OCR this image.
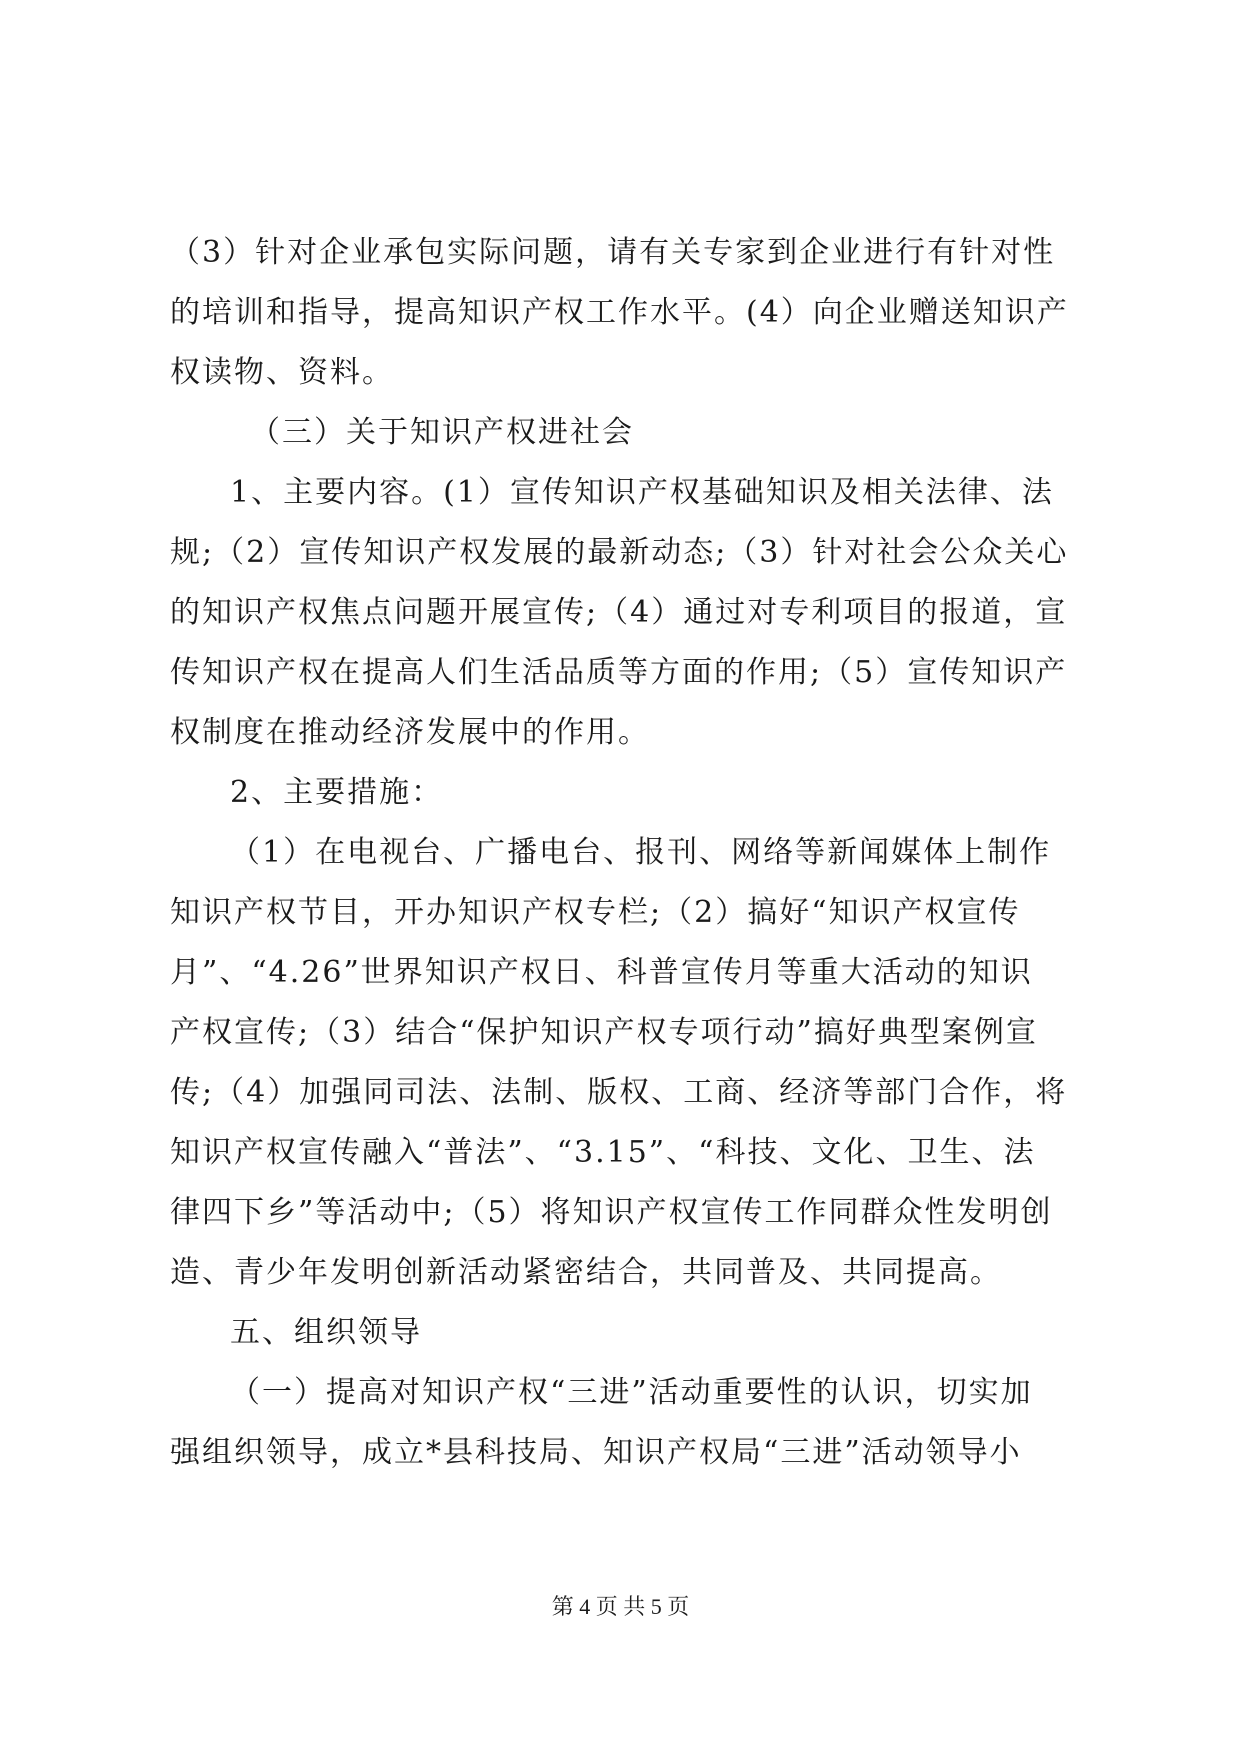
（3）针对企业承包实际问题，请有关专家到企业进行有针对性
的培训和指导，提高知识产权工作水平。(4）向企业赠送知识产
权读物、资料。
（三）关于知识产权进社会
1、主要内容。(1）宣传知识产权基础知识及相关法律、法
规;（2）宣传知识产权发展的最新动态;（3）针对社会公众关心
的知识产权焦点问题开展宣传;（4）通过对专利项目的报道，宣
传知识产权在提高人们生活品质等方面的作用;（5）宣传知识产
权制度在推动经济发展中的作用。
2、主要措施：
（1）在电视台、广播电台、报刊、网络等新闻媒体上制作
知识产权节目，开办知识产权专栏;（2）搞好“知识产权宣传
月”、“4.26”世界知识产权日、科普宣传月等重大活动的知识
产权宣传;（3）结合“保护知识产权专项行动”搞好典型案例宣
传;（4）加强同司法、法制、版权、工商、经济等部门合作，将
知识产权宣传融入“普法”、“3.15”、“科技、文化、卫生、法
律四下乡”等活动中;（5）将知识产权宣传工作同群众性发明创
造、青少年发明创新活动紧密结合，共同普及、共同提高。
五、组织领导
（一）提高对知识产权“三进”活动重要性的认识，切实加
强组织领导，成立*县科技局、知识产权局“三进”活动领导小
第 4 页 共 5 页
